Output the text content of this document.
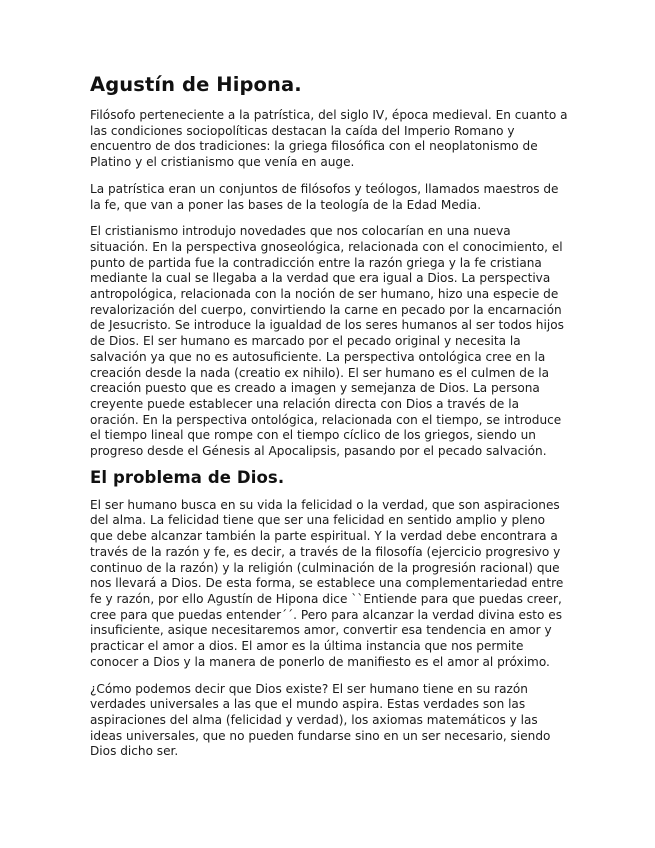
Agustín de Hipona.

Filósofo perteneciente a la patrística, del siglo IV, época medieval. En cuanto a las condiciones sociopolíticas destacan la caída del Imperio Romano y encuentro de dos tradiciones: la griega filosófica con el neoplatonismo de Platino y el cristianismo que venía en auge.

La patrística eran un conjuntos de filósofos y teólogos, llamados maestros de la fe, que van a poner las bases de la teología de la Edad Media.

El cristianismo introdujo novedades que nos colocarían en una nueva situación. En la perspectiva gnoseológica, relacionada con el conocimiento, el punto de partida fue la contradicción entre la razón griega y la fe cristiana mediante la cual se llegaba a la verdad que era igual a Dios. La perspectiva antropológica, relacionada con la noción de ser humano, hizo una especie de revalorización del cuerpo, convirtiendo la carne en pecado por la encarnación de Jesucristo. Se introduce la igualdad de los seres humanos al ser todos hijos de Dios. El ser humano es marcado por el pecado original y necesita la salvación ya que no es autosuficiente. La perspectiva ontológica cree en la creación desde la nada (creatio ex nihilo). El ser humano es el culmen de la creación puesto que es creado a imagen y semejanza de Dios. La persona creyente puede establecer una relación directa con Dios a través de la oración. En la perspectiva ontológica, relacionada con el tiempo, se introduce el tiempo lineal que rompe con el tiempo cíclico de los griegos, siendo un progreso desde el Génesis al Apocalipsis, pasando por el pecado salvación.

El problema de Dios.

El ser humano busca en su vida la felicidad o la verdad, que son aspiraciones del alma. La felicidad tiene que ser una felicidad en sentido amplio y pleno que debe alcanzar también la parte espiritual. Y la verdad debe encontrara a través de la razón y fe, es decir, a través de la filosofía (ejercicio progresivo y continuo de la razón) y la religión (culminación de la progresión racional) que nos llevará a Dios. De esta forma, se establece una complementariedad entre fe y razón, por ello Agustín de Hipona dice ``Entiende para que puedas creer, cree para que puedas entender´´. Pero para alcanzar la verdad divina esto es insuficiente, asique necesitaremos amor, convertir esa tendencia en amor y practicar el amor a dios. El amor es la última instancia que nos permite conocer a Dios y la manera de ponerlo de manifiesto es el amor al próximo.

¿Cómo podemos decir que Dios existe? El ser humano tiene en su razón verdades universales a las que el mundo aspira. Estas verdades son las aspiraciones del alma (felicidad y verdad), los axiomas matemáticos y las ideas universales, que no pueden fundarse sino en un ser necesario, siendo Dios dicho ser.
